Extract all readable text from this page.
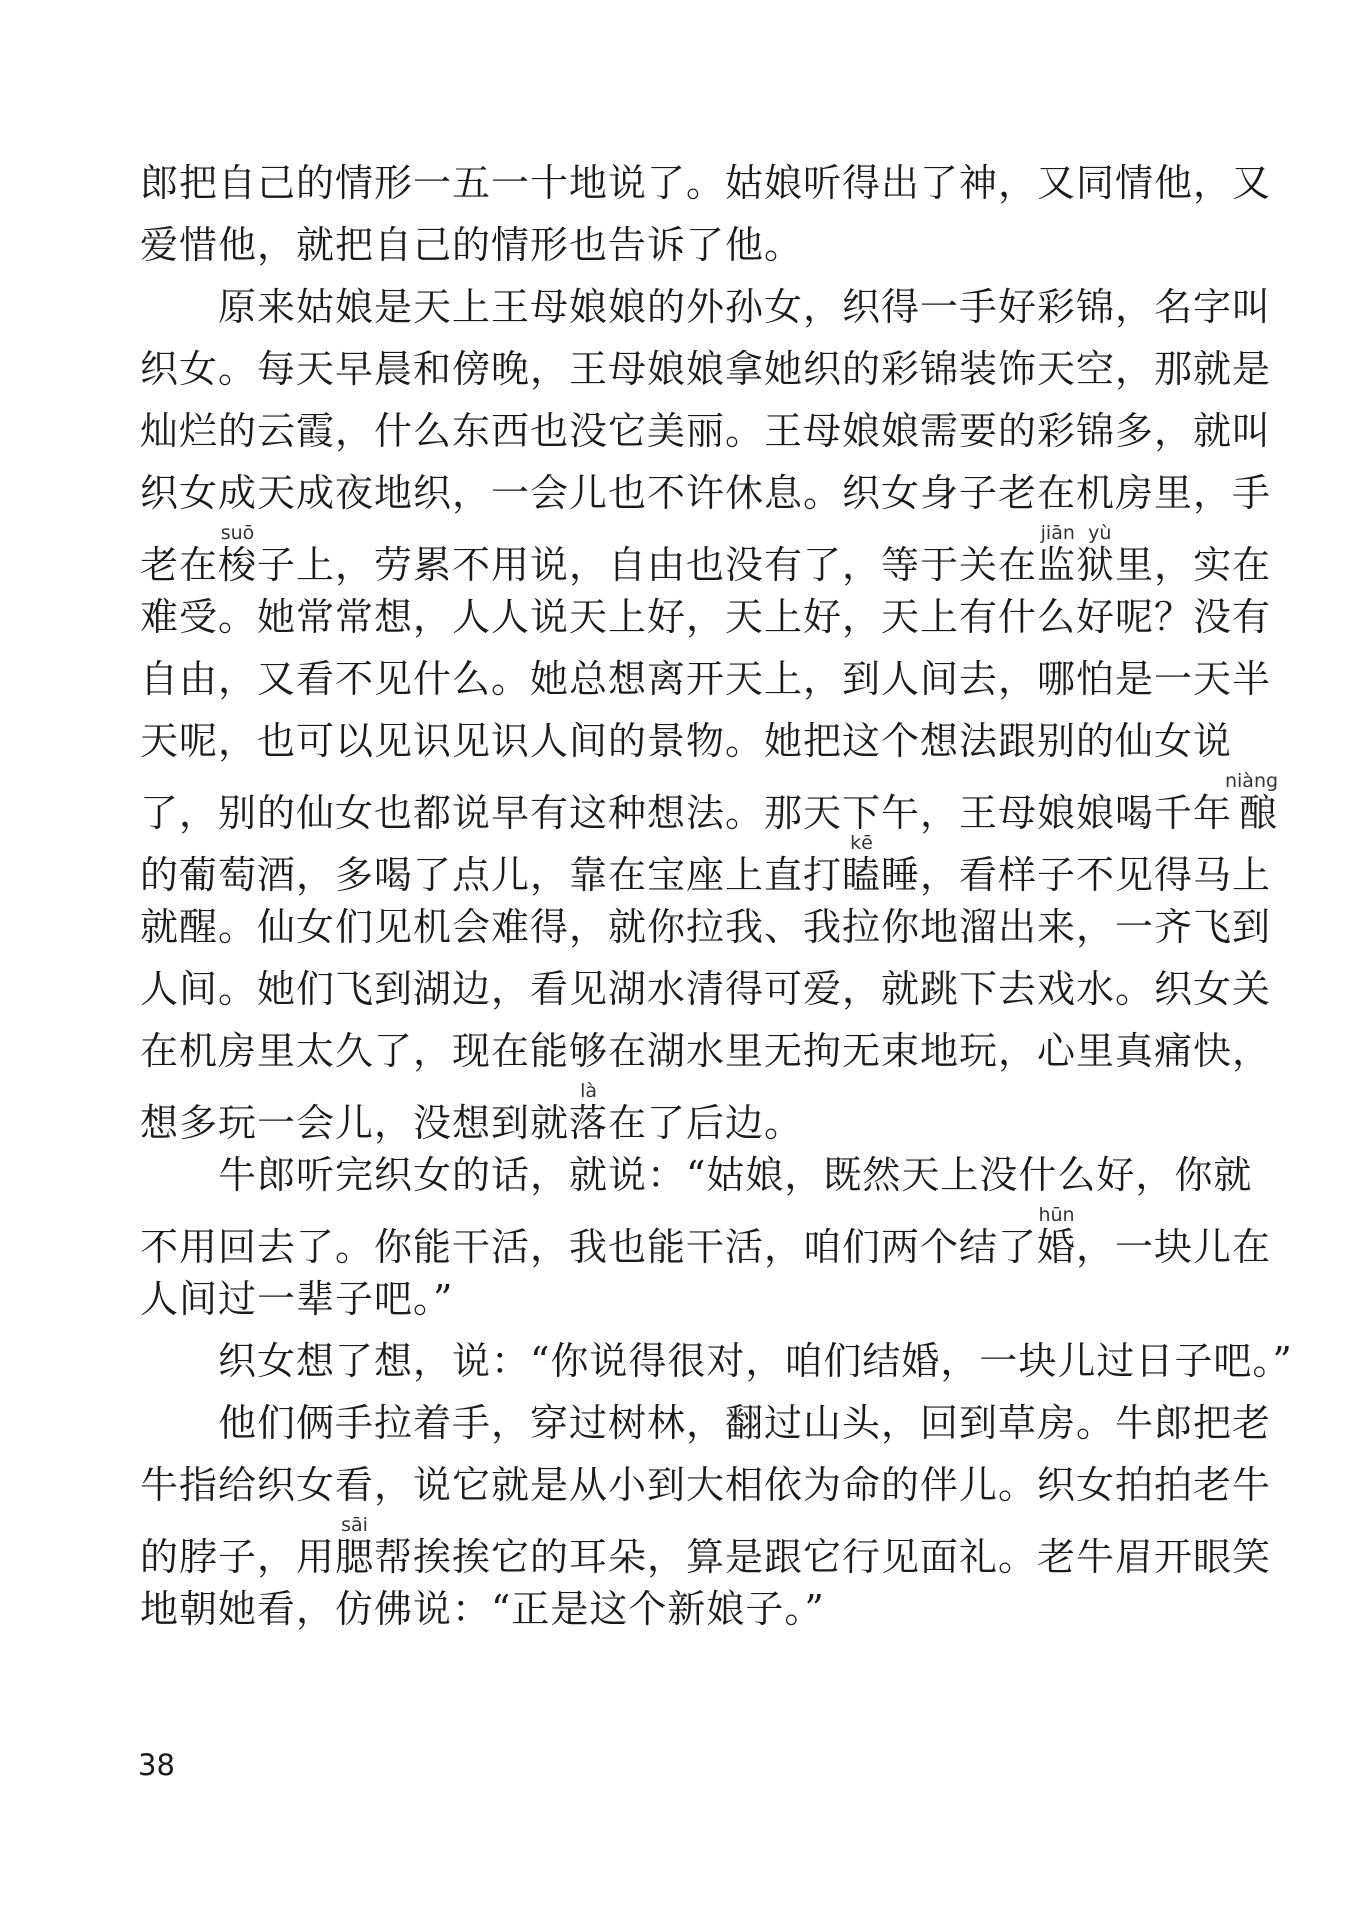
郎把自己的情形一五一十地说了。姑娘听得出了神，又同情他，又
爱惜他，就把自己的情形也告诉了他。
原来姑娘是天上王母娘娘的外孙女，织得一手好彩锦，名字叫
织女。每天早晨和傍晚，王母娘娘拿她织的彩锦装饰天空，那就是
灿烂的云霞，什么东西也没它美丽。王母娘娘需要的彩锦多，就叫
织女成天成夜地织，一会儿也不许休息。织女身子老在机房里，手
老在梭suō子上，劳累不用说，自由也没有了，等于关在监狱jiān yù里，实在
难受。她常常想，人人说天上好，天上好，天上有什么好呢？没有
自由，又看不见什么。她总想离开天上，到人间去，哪怕是一天半
天呢，也可以见识见识人间的景物。她把这个想法跟别的仙女说
了，别的仙女也都说早有这种想法。那天下午，王母娘娘喝千年酿niàng
的葡萄酒，多喝了点儿，靠在宝座上直打瞌kē睡，看样子不见得马上
就醒。仙女们见机会难得，就你拉我、我拉你地溜出来，一齐飞到
人间。她们飞到湖边，看见湖水清得可爱，就跳下去戏水。织女关
在机房里太久了，现在能够在湖水里无拘无束地玩，心里真痛快，
想多玩一会儿，没想到就落là在了后边。
牛郎听完织女的话，就说：“姑娘，既然天上没什么好，你就
不用回去了。你能干活，我也能干活，咱们两个结了婚hūn，一块儿在
人间过一辈子吧。”
织女想了想，说：“你说得很对，咱们结婚，一块儿过日子吧。”
他们俩手拉着手，穿过树林，翻过山头，回到草房。牛郎把老
牛指给织女看，说它就是从小到大相依为命的伴儿。织女拍拍老牛
的脖子，用腮sāi帮挨挨它的耳朵，算是跟它行见面礼。老牛眉开眼笑
地朝她看，仿佛说：“正是这个新娘子。”
38
